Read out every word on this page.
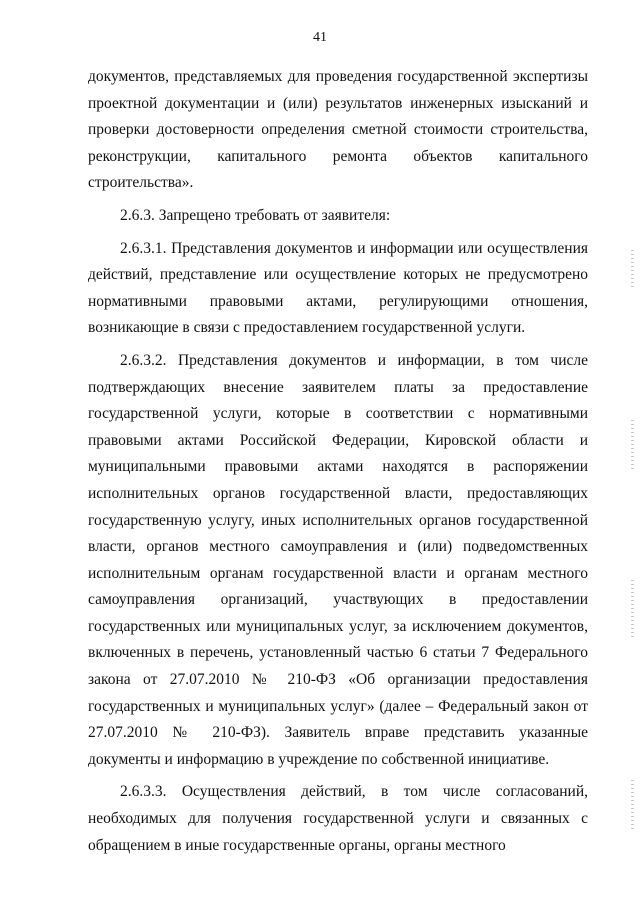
41

документов, представляемых для проведения государственной экспертизы проектной документации и (или) результатов инженерных изысканий и проверки достоверности определения сметной стоимости строительства, реконструкции, капитального ремонта объектов капитального строительства».

2.6.3. Запрещено требовать от заявителя:

2.6.3.1. Представления документов и информации или осуществления действий, представление или осуществление которых не предусмотрено нормативными правовыми актами, регулирующими отношения, возникающие в связи с предоставлением государственной услуги.

2.6.3.2. Представления документов и информации, в том числе подтверждающих внесение заявителем платы за предоставление государственной услуги, которые в соответствии с нормативными правовыми актами Российской Федерации, Кировской области и муниципальными правовыми актами находятся в распоряжении исполнительных органов государственной власти, предоставляющих государственную услугу, иных исполнительных органов государственной власти, органов местного самоуправления и (или) подведомственных исполнительным органам государственной власти и органам местного самоуправления организаций, участвующих в предоставлении государственных или муниципальных услуг, за исключением документов, включенных в перечень, установленный частью 6 статьи 7 Федерального закона от 27.07.2010 № 210-ФЗ «Об организации предоставления государственных и муниципальных услуг» (далее – Федеральный закон от 27.07.2010 № 210-ФЗ). Заявитель вправе представить указанные документы и информацию в учреждение по собственной инициативе.

2.6.3.3. Осуществления действий, в том числе согласований, необходимых для получения государственной услуги и связанных с обращением в иные государственные органы, органы местного
